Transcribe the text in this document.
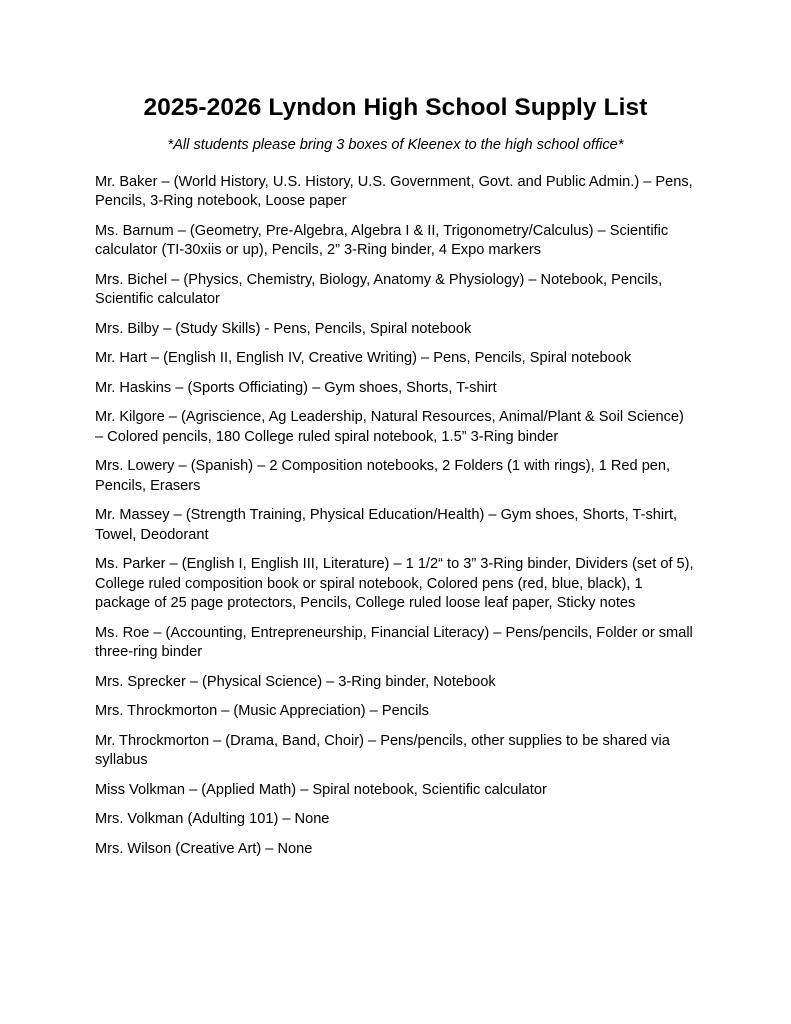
2025-2026 Lyndon High School Supply List

*All students please bring 3 boxes of Kleenex to the high school office*

Mr. Baker – (World History, U.S. History, U.S. Government, Govt. and Public Admin.) – Pens, Pencils, 3-Ring notebook, Loose paper

Ms. Barnum – (Geometry, Pre-Algebra, Algebra I & II, Trigonometry/Calculus) – Scientific calculator (TI-30xiis or up), Pencils, 2” 3-Ring binder, 4 Expo markers

Mrs. Bichel – (Physics, Chemistry, Biology, Anatomy & Physiology) – Notebook, Pencils, Scientific calculator

Mrs. Bilby – (Study Skills) - Pens, Pencils, Spiral notebook

Mr. Hart – (English II, English IV, Creative Writing) – Pens, Pencils, Spiral notebook

Mr. Haskins – (Sports Officiating) – Gym shoes, Shorts, T-shirt

Mr. Kilgore – (Agriscience, Ag Leadership, Natural Resources, Animal/Plant & Soil Science) – Colored pencils, 180 College ruled spiral notebook, 1.5” 3-Ring binder

Mrs. Lowery – (Spanish) – 2 Composition notebooks, 2 Folders (1 with rings), 1 Red pen, Pencils, Erasers

Mr. Massey – (Strength Training, Physical Education/Health) – Gym shoes, Shorts, T-shirt, Towel, Deodorant

Ms. Parker – (English I, English III, Literature) – 1 1/2“ to 3” 3-Ring binder, Dividers (set of 5), College ruled composition book or spiral notebook, Colored pens (red, blue, black), 1 package of 25 page protectors, Pencils, College ruled loose leaf paper, Sticky notes

Ms. Roe – (Accounting, Entrepreneurship, Financial Literacy) – Pens/pencils, Folder or small three-ring binder

Mrs. Sprecker – (Physical Science) – 3-Ring binder, Notebook

Mrs. Throckmorton – (Music Appreciation) – Pencils

Mr. Throckmorton – (Drama, Band, Choir) – Pens/pencils, other supplies to be shared via syllabus

Miss Volkman – (Applied Math) – Spiral notebook, Scientific calculator

Mrs. Volkman (Adulting 101) – None

Mrs. Wilson (Creative Art) – None
